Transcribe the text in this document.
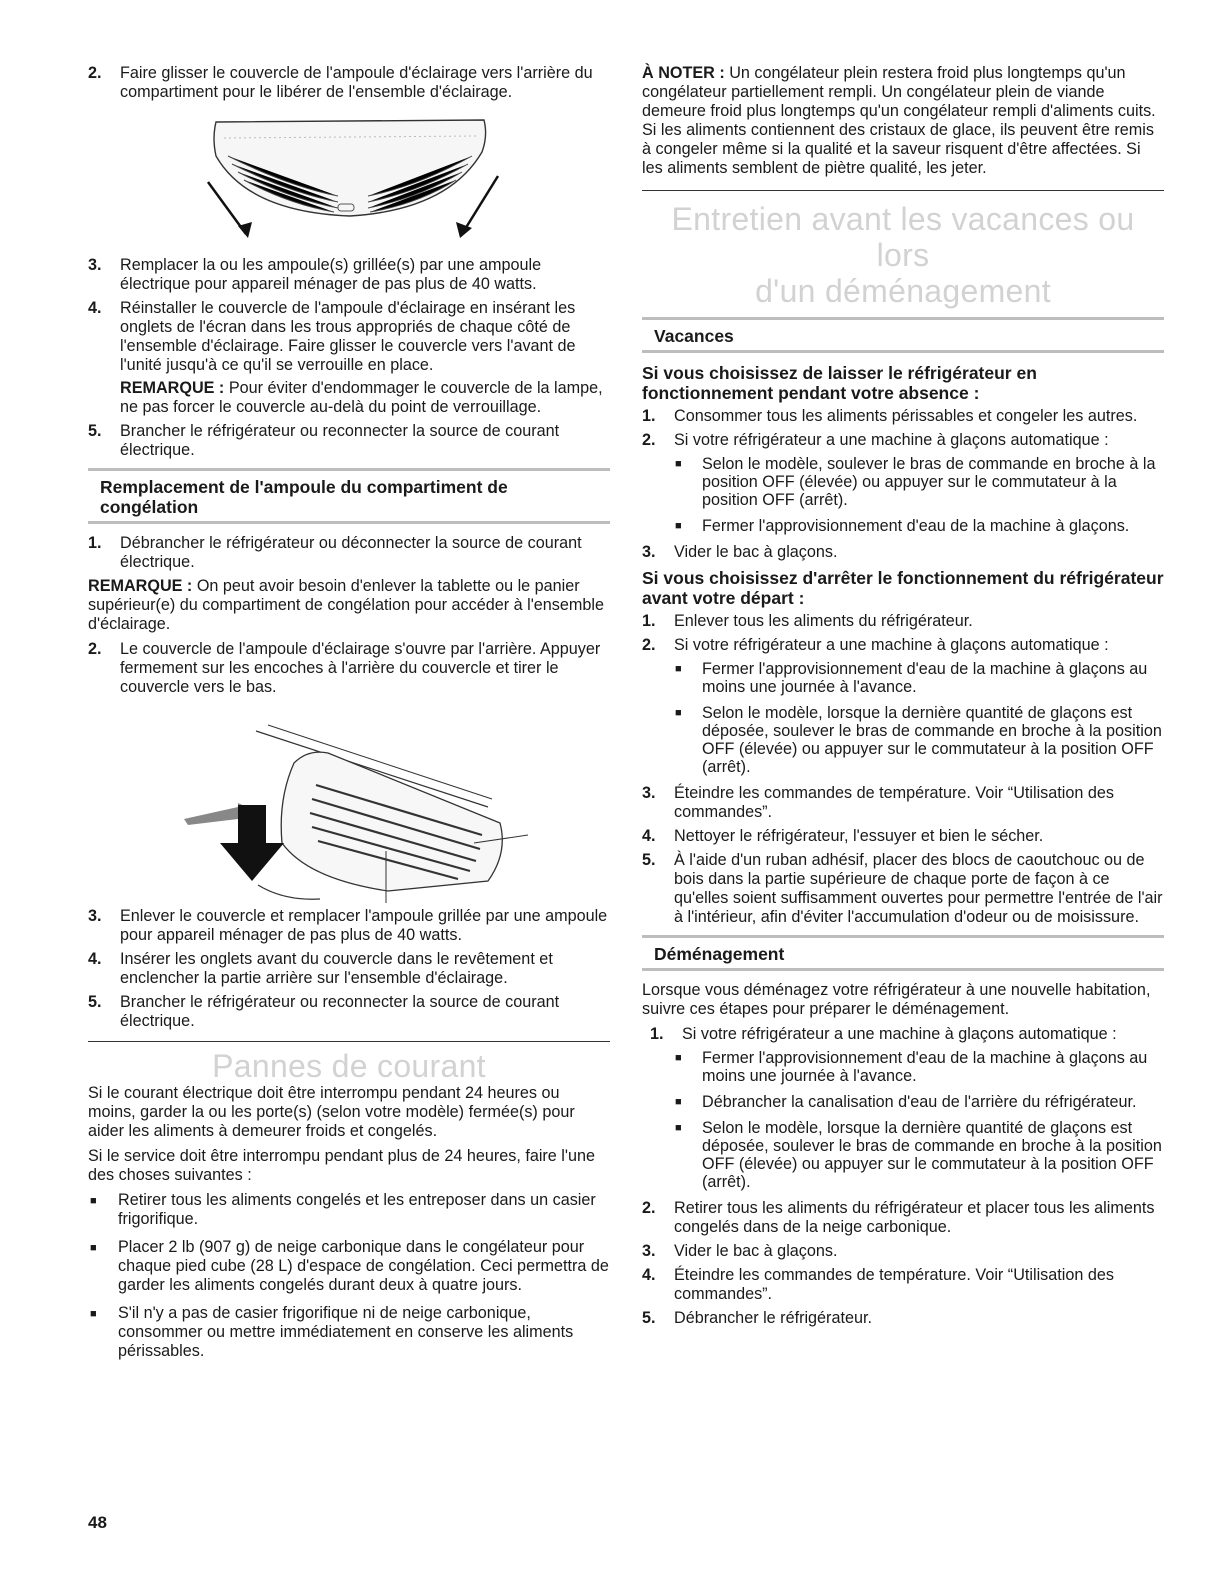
2. Faire glisser le couvercle de l'ampoule d'éclairage vers l'arrière du compartiment pour le libérer de l'ensemble d'éclairage.
3. Remplacer la ou les ampoule(s) grillée(s) par une ampoule électrique pour appareil ménager de pas plus de 40 watts.
4. Réinstaller le couvercle de l'ampoule d'éclairage en insérant les onglets de l'écran dans les trous appropriés de chaque côté de l'ensemble d'éclairage. Faire glisser le couvercle vers l'avant de l'unité jusqu'à ce qu'il se verrouille en place.
REMARQUE : Pour éviter d'endommager le couvercle de la lampe, ne pas forcer le couvercle au-delà du point de verrouillage.
5. Brancher le réfrigérateur ou reconnecter la source de courant électrique.
Remplacement de l'ampoule du compartiment de congélation
1. Débrancher le réfrigérateur ou déconnecter la source de courant électrique.

REMARQUE : On peut avoir besoin d'enlever la tablette ou le panier supérieur(e) du compartiment de congélation pour accéder à l'ensemble d'éclairage.

2. Le couvercle de l'ampoule d'éclairage s'ouvre par l'arrière. Appuyer fermement sur les encoches à l'arrière du couvercle et tirer le couvercle vers le bas.
3. Enlever le couvercle et remplacer l'ampoule grillée par une ampoule pour appareil ménager de pas plus de 40 watts.
4. Insérer les onglets avant du couvercle dans le revêtement et enclencher la partie arrière sur l'ensemble d'éclairage.
5. Brancher le réfrigérateur ou reconnecter la source de courant électrique.
Pannes de courant

Si le courant électrique doit être interrompu pendant 24 heures ou moins, garder la ou les porte(s) (selon votre modèle) fermée(s) pour aider les aliments à demeurer froids et congelés.

Si le service doit être interrompu pendant plus de 24 heures, faire l'une des choses suivantes :

■ Retirer tous les aliments congelés et les entreposer dans un casier frigorifique.
■ Placer 2 lb (907 g) de neige carbonique dans le congélateur pour chaque pied cube (28 L) d'espace de congélation. Ceci permettra de garder les aliments congelés durant deux à quatre jours.
■ S'il n'y a pas de casier frigorifique ni de neige carbonique, consommer ou mettre immédiatement en conserve les aliments périssables.

À NOTER : Un congélateur plein restera froid plus longtemps qu'un congélateur partiellement rempli. Un congélateur plein de viande demeure froid plus longtemps qu'un congélateur rempli d'aliments cuits. Si les aliments contiennent des cristaux de glace, ils peuvent être remis à congeler même si la qualité et la saveur risquent d'être affectées. Si les aliments semblent de piètre qualité, les jeter.

Entretien avant les vacances ou lors
d'un déménagement
Vacances
Si vous choisissez de laisser le réfrigérateur en fonctionnement pendant votre absence :
1. Consommer tous les aliments périssables et congeler les autres.
2. Si votre réfrigérateur a une machine à glaçons automatique :
■ Selon le modèle, soulever le bras de commande en broche à la position OFF (élevée) ou appuyer sur le commutateur à la position OFF (arrêt).
■ Fermer l'approvisionnement d'eau de la machine à glaçons.
3. Vider le bac à glaçons.
Si vous choisissez d'arrêter le fonctionnement du réfrigérateur avant votre départ :
1. Enlever tous les aliments du réfrigérateur.
2. Si votre réfrigérateur a une machine à glaçons automatique :
■ Fermer l'approvisionnement d'eau de la machine à glaçons au moins une journée à l'avance.
■ Selon le modèle, lorsque la dernière quantité de glaçons est déposée, soulever le bras de commande en broche à la position OFF (élevée) ou appuyer sur le commutateur à la position OFF (arrêt).
3. Éteindre les commandes de température. Voir “Utilisation des commandes”.
4. Nettoyer le réfrigérateur, l'essuyer et bien le sécher.
5. À l'aide d'un ruban adhésif, placer des blocs de caoutchouc ou de bois dans la partie supérieure de chaque porte de façon à ce qu'elles soient suffisamment ouvertes pour permettre l'entrée de l'air à l'intérieur, afin d'éviter l'accumulation d'odeur ou de moisissure.
Déménagement

Lorsque vous déménagez votre réfrigérateur à une nouvelle habitation, suivre ces étapes pour préparer le déménagement.

1. Si votre réfrigérateur a une machine à glaçons automatique :
■ Fermer l'approvisionnement d'eau de la machine à glaçons au moins une journée à l'avance.
■ Débrancher la canalisation d'eau de l'arrière du réfrigérateur.
■ Selon le modèle, lorsque la dernière quantité de glaçons est déposée, soulever le bras de commande en broche à la position OFF (élevée) ou appuyer sur le commutateur à la position OFF (arrêt).
2. Retirer tous les aliments du réfrigérateur et placer tous les aliments congelés dans de la neige carbonique.
3. Vider le bac à glaçons.
4. Éteindre les commandes de température. Voir “Utilisation des commandes”.
5. Débrancher le réfrigérateur.
48
